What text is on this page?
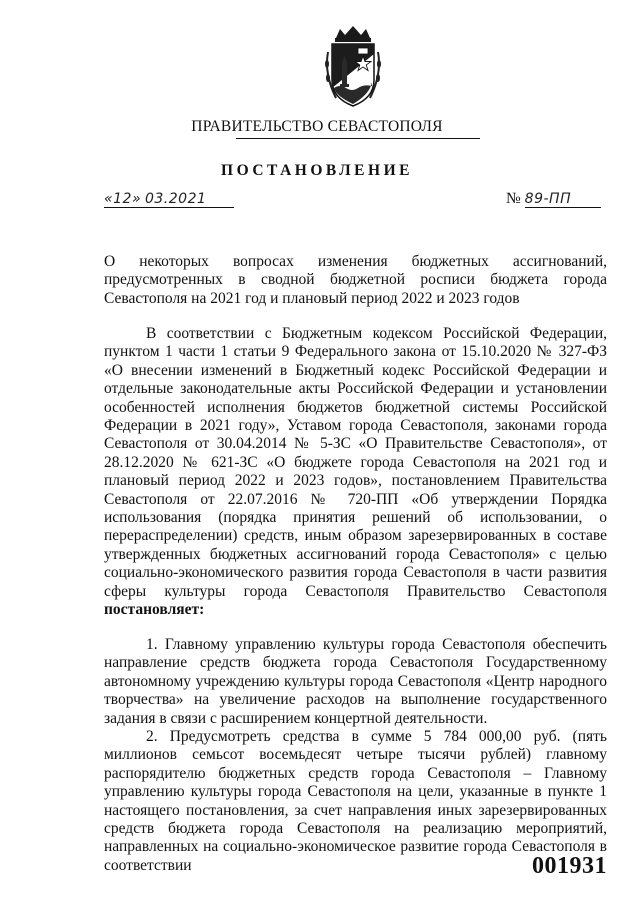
ПРАВИТЕЛЬСТВО СЕВАСТОПОЛЯ

ПОСТАНОВЛЕНИЕ

«12» 03.2021	№ 89-ПП

О некоторых вопросах изменения бюджетных ассигнований, предусмотренных в сводной бюджетной росписи бюджета города Севастополя на 2021 год и плановый период 2022 и 2023 годов

В соответствии с Бюджетным кодексом Российской Федерации, пунктом 1 части 1 статьи 9 Федерального закона от 15.10.2020 № 327-ФЗ «О внесении изменений в Бюджетный кодекс Российской Федерации и отдельные законодательные акты Российской Федерации и установлении особенностей исполнения бюджетов бюджетной системы Российской Федерации в 2021 году», Уставом города Севастополя, законами города Севастополя от 30.04.2014 № 5-ЗС «О Правительстве Севастополя», от 28.12.2020 № 621-ЗС «О бюджете города Севастополя на 2021 год и плановый период 2022 и 2023 годов», постановлением Правительства Севастополя от 22.07.2016 № 720-ПП «Об утверждении Порядка использования (порядка принятия решений об использовании, о перераспределении) средств, иным образом зарезервированных в составе утвержденных бюджетных ассигнований города Севастополя» с целью социально-экономического развития города Севастополя в части развития сферы культуры города Севастополя Правительство Севастополя постановляет:

1. Главному управлению культуры города Севастополя обеспечить направление средств бюджета города Севастополя Государственному автономному учреждению культуры города Севастополя «Центр народного творчества» на увеличение расходов на выполнение государственного задания в связи с расширением концертной деятельности.

2. Предусмотреть средства в сумме 5 784 000,00 руб. (пять миллионов семьсот восемьдесят четыре тысячи рублей) главному распорядителю бюджетных средств города Севастополя – Главному управлению культуры города Севастополя на цели, указанные в пункте 1 настоящего постановления, за счет направления иных зарезервированных средств бюджета города Севастополя на реализацию мероприятий, направленных на социально-экономическое развитие города Севастополя в соответствии	001931
